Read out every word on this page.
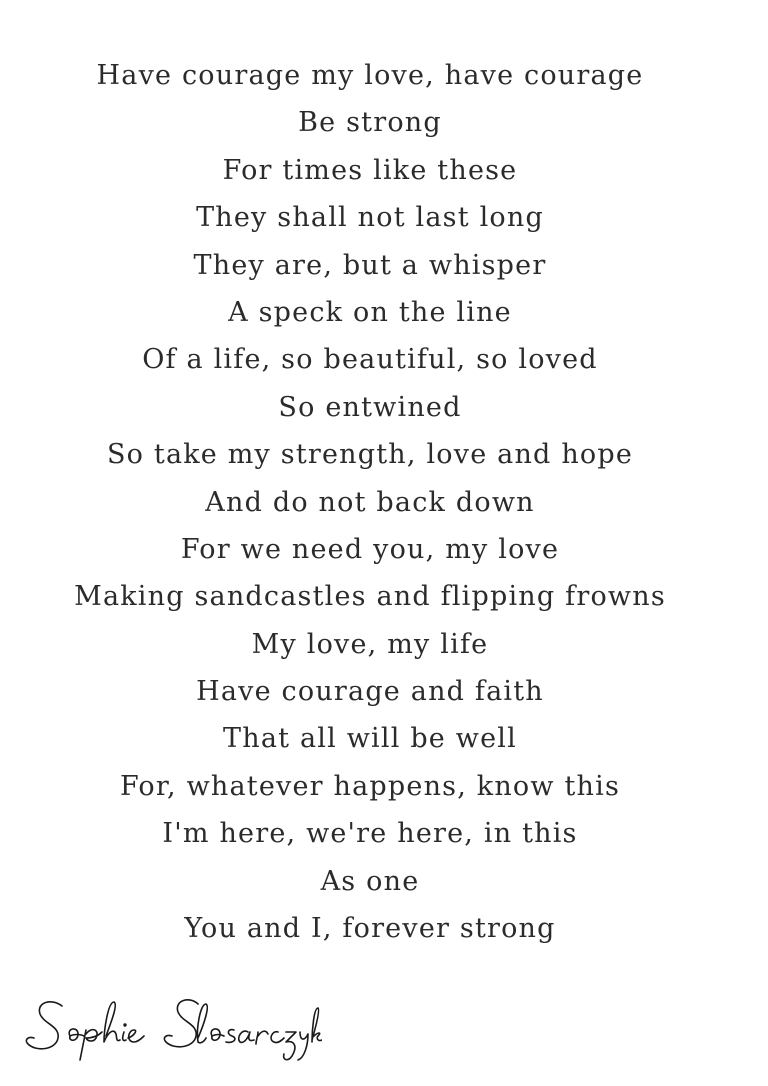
Have courage my love, have courage
Be strong
For times like these
They shall not last long
They are, but a whisper
A speck on the line
Of a life, so beautiful, so loved
So entwined
So take my strength, love and hope
And do not back down
For we need you, my love
Making sandcastles and flipping frowns
My love, my life
Have courage and faith
That all will be well
For, whatever happens, know this
I'm here, we're here, in this
As one
You and I, forever strong
